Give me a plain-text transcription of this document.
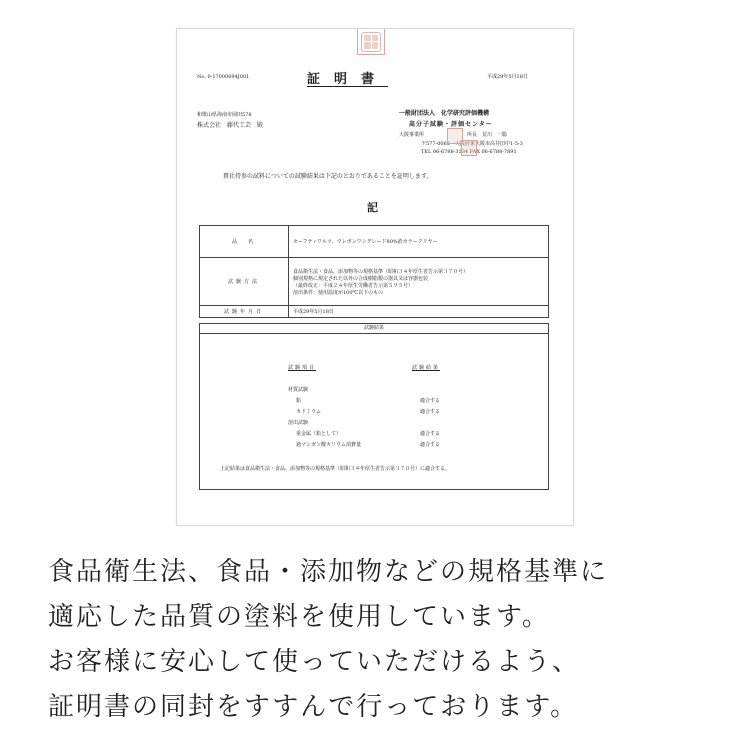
No. 0-17000694J001	証明書	平成29年5月18日
和歌山県海南市岡田578
株式会社　藤代工芸　殿
一般財団法人　化学研究評価機構
高分子試験・評価センター
大阪事業所	所長　荒川　一聡
〒577-0065　大阪府東大阪市高井田中1-5-3
TEL 06-6788-3134 FAX 06-6788-7891
貴社持参の試料についての試験結果は下記のとおりであることを証明します。
記
品　名	セーフティワルツ、ウレボンワングレード80%消カラークリヤー
試験方法	食品衛生法・食品、添加物等の規格基準（昭和３４年厚生省告示第３７０号）
個別規格に規定された以外の合成樹脂製の器具又は容器包装
（最終改正：平成２４年厚生労働省告示第５９５号）
溶出条件：使用温度が100℃以下のもの

試験年月日	平成29年5月18日
試験結果
試験項目	試験結果
材質試験
鉛	適合する
カドミウム	適合する
溶出試験
重金属（鉛として）	適合する
過マンガン酸カリウム消費量	適合する
上記結果は食品衛生法・食品、添加物等の規格基準（昭和３４年厚生省告示第３７０号）に適合する。
食品衛生法、食品・添加物などの規格基準に
適応した品質の塗料を使用しています。
お客様に安心して使っていただけるよう、
証明書の同封をすすんで行っております。
